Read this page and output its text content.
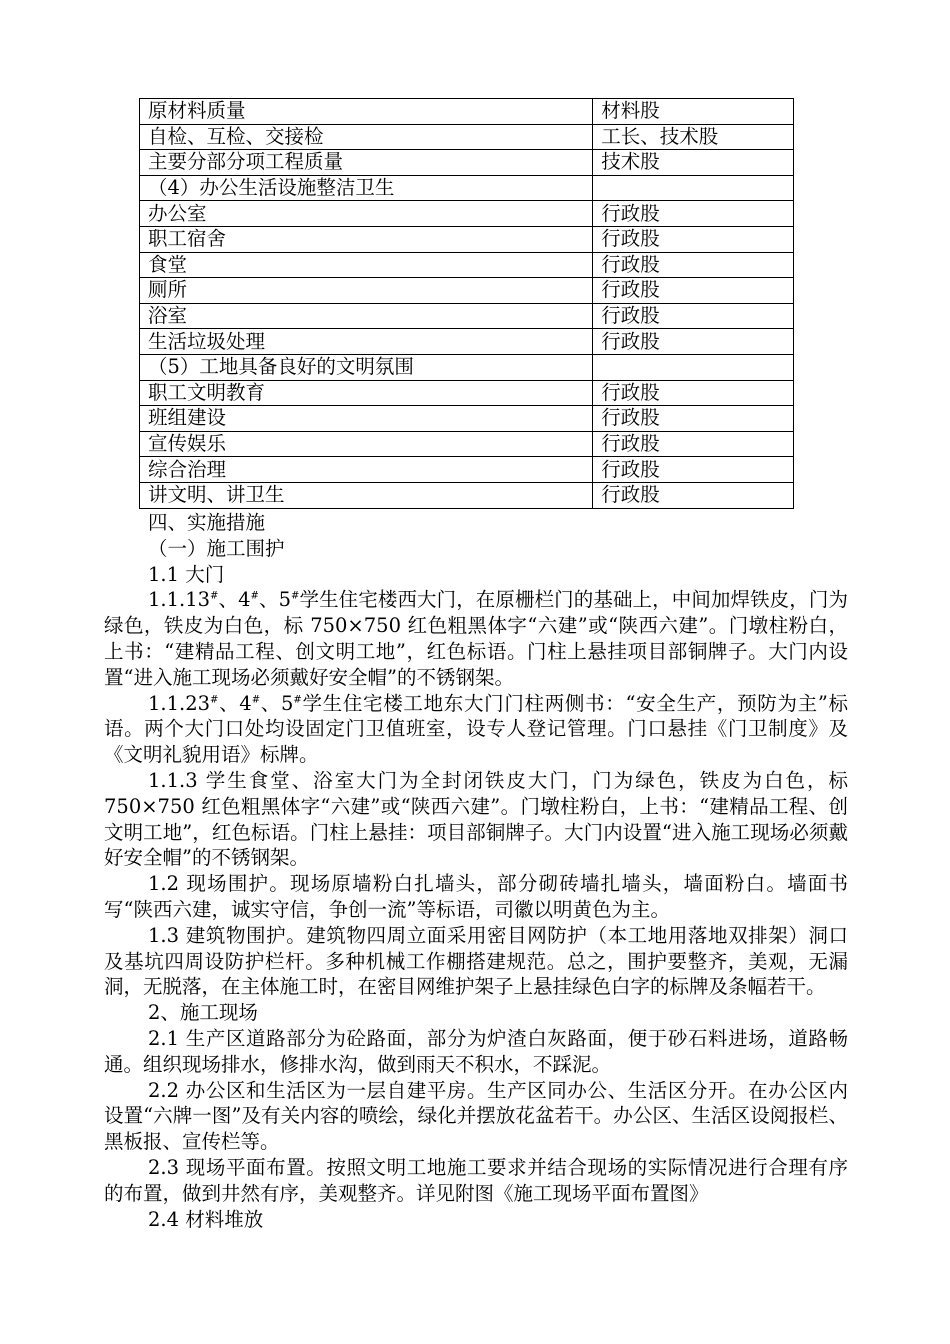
原材料质量	材料股
自检、互检、交接检	工长、技术股
主要分部分项工程质量	技术股
（4）办公生活设施整洁卫生	
办公室	行政股
职工宿舍	行政股
食堂	行政股
厕所	行政股
浴室	行政股
生活垃圾处理	行政股
（5）工地具备良好的文明氛围	
职工文明教育	行政股
班组建设	行政股
宣传娱乐	行政股
综合治理	行政股
讲文明、讲卫生	行政股

四、实施措施

（一）施工围护

1.1 大门

1.1.13#、4#、5#学生住宅楼西大门，在原栅栏门的基础上，中间加焊铁皮，门为绿色，铁皮为白色，标 750×750 红色粗黑体字“六建”或“陕西六建”。门墩柱粉白，上书：“建精品工程、创文明工地”，红色标语。门柱上悬挂项目部铜牌子。大门内设置“进入施工现场必须戴好安全帽”的不锈钢架。

1.1.23#、4#、5#学生住宅楼工地东大门门柱两侧书：“安全生产，预防为主”标语。两个大门口处均设固定门卫值班室，设专人登记管理。门口悬挂《门卫制度》及《文明礼貌用语》标牌。

1.1.3 学生食堂、浴室大门为全封闭铁皮大门，门为绿色，铁皮为白色，标 750×750 红色粗黑体字“六建”或“陕西六建”。门墩柱粉白，上书：“建精品工程、创文明工地”，红色标语。门柱上悬挂：项目部铜牌子。大门内设置“进入施工现场必须戴好安全帽”的不锈钢架。

1.2 现场围护。现场原墙粉白扎墙头，部分砌砖墙扎墙头，墙面粉白。墙面书写“陕西六建，诚实守信，争创一流”等标语，司徽以明黄色为主。

1.3 建筑物围护。建筑物四周立面采用密目网防护（本工地用落地双排架）洞口及基坑四周设防护栏杆。多种机械工作棚搭建规范。总之，围护要整齐，美观，无漏洞，无脱落，在主体施工时，在密目网维护架子上悬挂绿色白字的标牌及条幅若干。

2、施工现场

2.1 生产区道路部分为砼路面，部分为炉渣白灰路面，便于砂石料进场，道路畅通。组织现场排水，修排水沟，做到雨天不积水，不踩泥。

2.2 办公区和生活区为一层自建平房。生产区同办公、生活区分开。在办公区内设置“六牌一图”及有关内容的喷绘，绿化并摆放花盆若干。办公区、生活区设阅报栏、黑板报、宣传栏等。

2.3 现场平面布置。按照文明工地施工要求并结合现场的实际情况进行合理有序的布置，做到井然有序，美观整齐。详见附图《施工现场平面布置图》

2.4 材料堆放
